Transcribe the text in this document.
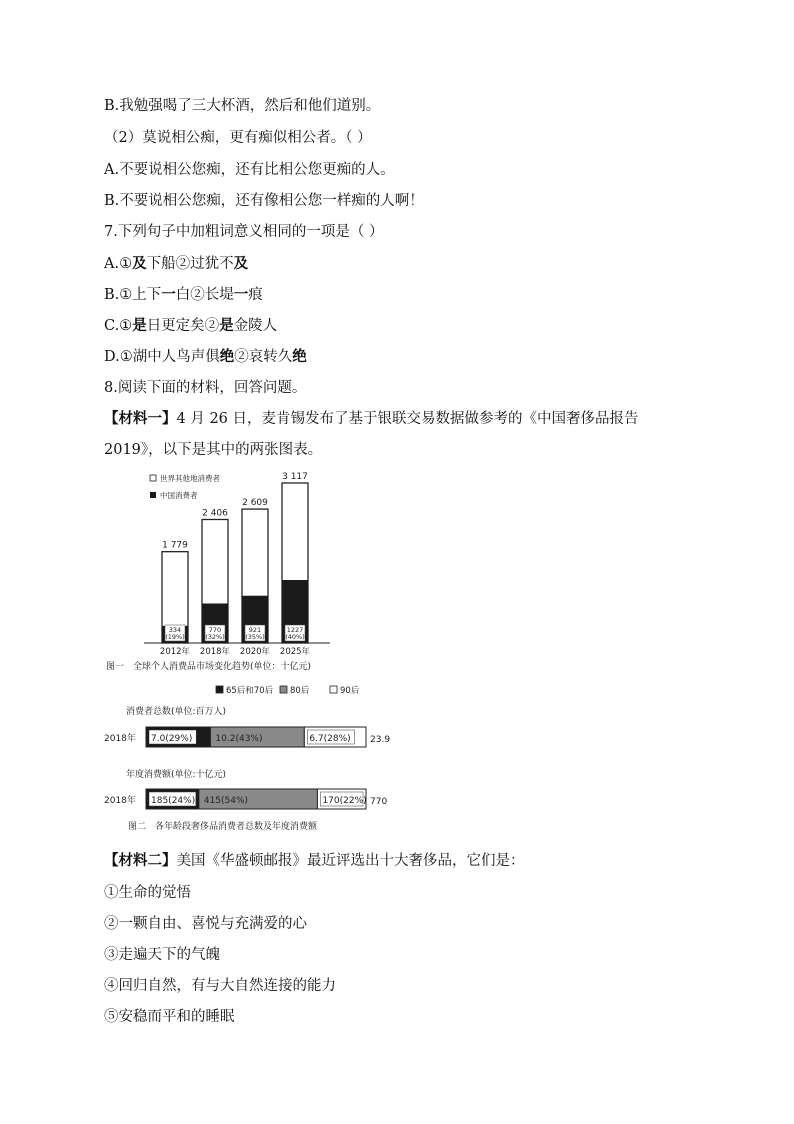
B.我勉强喝了三大杯酒，然后和他们道别。
（2）莫说相公痴，更有痴似相公者。（ ）
A.不要说相公您痴，还有比相公您更痴的人。
B.不要说相公您痴，还有像相公您一样痴的人啊！
7.下列句子中加粗词意义相同的一项是（ ）
A.①及下船②过犹不及
B.①上下一白②长堤一痕
C.①是日更定矣②是金陵人
D.①湖中人鸟声俱绝②哀转久绝
8.阅读下面的材料，回答问题。
【材料一】4 月 26 日，麦肯锡发布了基于银联交易数据做参考的《中国奢侈品报告
2019》，以下是其中的两张图表。
世界其他地消费者
中国消费者
334
(19%)
1 779
2012年
770
(32%)
2 406
2018年
921
(35%)
2 609
2020年
1227
(40%)
3 117
2025年
图一　全球个人消费品市场变化趋势(单位：十亿元)
65后和70后 80后	90后
消费者总数(单位:百万人)
2018年 7.0(29%)	10.2(43%)	6.7(28%) 23.9
年度消费额(单位:十亿元)
2018年 185(24%) 415(54%)	170(22%) 770
图二　各年龄段奢侈品消费者总数及年度消费额
【材料二】美国《华盛顿邮报》最近评选出十大奢侈品，它们是：
①生命的觉悟
②一颗自由、喜悦与充满爱的心
③走遍天下的气魄
④回归自然，有与大自然连接的能力
⑤安稳而平和的睡眠
